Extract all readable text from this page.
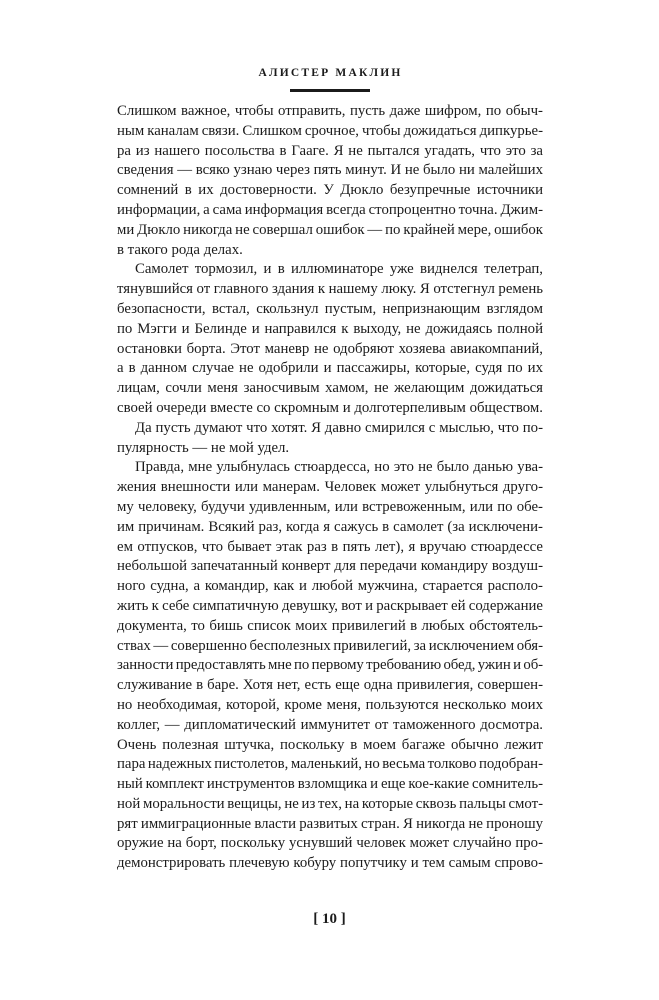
АЛИСТЕР МАКЛИН
Слишком важное, чтобы отправить, пусть даже шифром, по обыч-
ным каналам связи. Слишком срочное, чтобы дожидаться дипкурье-
ра из нашего посольства в Гааге. Я не пытался угадать, что это за
сведения — всяко узнаю через пять минут. И не было ни малейших
сомнений в их достоверности. У Дюкло безупречные источники
информации, а сама информация всегда стопроцентно точна. Джим-
ми Дюкло никогда не совершал ошибок — по крайней мере, ошибок
в такого рода делах.
Самолет тормозил, и в иллюминаторе уже виднелся телетрап,
тянувшийся от главного здания к нашему люку. Я отстегнул ремень
безопасности, встал, скользнул пустым, непризнающим взглядом
по Мэгги и Белинде и направился к выходу, не дожидаясь полной
остановки борта. Этот маневр не одобряют хозяева авиакомпаний,
а в данном случае не одобрили и пассажиры, которые, судя по их
лицам, сочли меня заносчивым хамом, не желающим дожидаться
своей очереди вместе со скромным и долготерпеливым обществом.
Да пусть думают что хотят. Я давно смирился с мыслью, что по-
пулярность — не мой удел.
Правда, мне улыбнулась стюардесса, но это не было данью ува-
жения внешности или манерам. Человек может улыбнуться друго-
му человеку, будучи удивленным, или встревоженным, или по обе-
им причинам. Всякий раз, когда я сажусь в самолет (за исключени-
ем отпусков, что бывает этак раз в пять лет), я вручаю стюардессе
небольшой запечатанный конверт для передачи командиру воздуш-
ного судна, а командир, как и любой мужчина, старается располо-
жить к себе симпатичную девушку, вот и раскрывает ей содержание
документа, то бишь список моих привилегий в любых обстоятель-
ствах — совершенно бесполезных привилегий, за исключением обя-
занности предоставлять мне по первому требованию обед, ужин и об-
служивание в баре. Хотя нет, есть еще одна привилегия, совершен-
но необходимая, которой, кроме меня, пользуются несколько моих
коллег, — дипломатический иммунитет от таможенного досмотра.
Очень полезная штучка, поскольку в моем багаже обычно лежит
пара надежных пистолетов, маленький, но весьма толково подобран-
ный комплект инструментов взломщика и еще кое-какие сомнитель-
ной моральности вещицы, не из тех, на которые сквозь пальцы смот-
рят иммиграционные власти развитых стран. Я никогда не проношу
оружие на борт, поскольку уснувший человек может случайно про-
демонстрировать плечевую кобуру попутчику и тем самым спрово-
[ 10 ]
